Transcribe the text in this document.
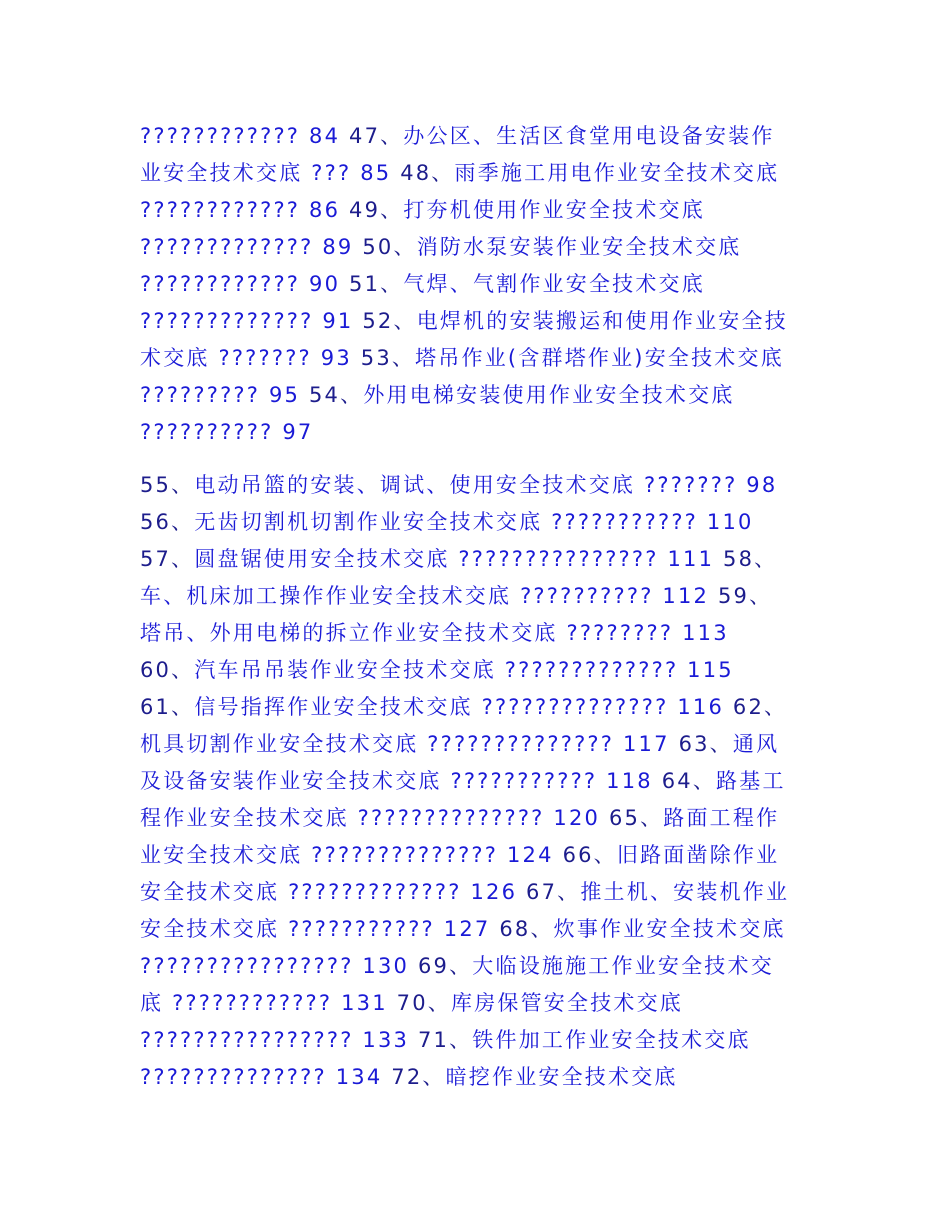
???????????? 84 47、办公区、生活区食堂用电设备安装作
业安全技术交底 ??? 85 48、雨季施工用电作业安全技术交底
???????????? 86 49、打夯机使用作业安全技术交底
????????????? 89 50、消防水泵安装作业安全技术交底
???????????? 90 51、气焊、气割作业安全技术交底
????????????? 91 52、电焊机的安装搬运和使用作业安全技
术交底 ??????? 93 53、塔吊作业(含群塔作业)安全技术交底
????????? 95 54、外用电梯安装使用作业安全技术交底
?????????? 97
55、电动吊篮的安装、调试、使用安全技术交底 ??????? 98
56、无齿切割机切割作业安全技术交底 ??????????? 110
57、圆盘锯使用安全技术交底 ??????????????? 111 58、
车、机床加工操作作业安全技术交底 ?????????? 112 59、
塔吊、外用电梯的拆立作业安全技术交底 ???????? 113
60、汽车吊吊装作业安全技术交底 ????????????? 115
61、信号指挥作业安全技术交底 ?????????????? 116 62、
机具切割作业安全技术交底 ?????????????? 117 63、通风
及设备安装作业安全技术交底 ??????????? 118 64、路基工
程作业安全技术交底 ?????????????? 120 65、路面工程作
业安全技术交底 ?????????????? 124 66、旧路面凿除作业
安全技术交底 ????????????? 126 67、推土机、安装机作业
安全技术交底 ??????????? 127 68、炊事作业安全技术交底
???????????????? 130 69、大临设施施工作业安全技术交
底 ???????????? 131 70、库房保管安全技术交底
???????????????? 133 71、铁件加工作业安全技术交底
?????????????? 134 72、暗挖作业安全技术交底
